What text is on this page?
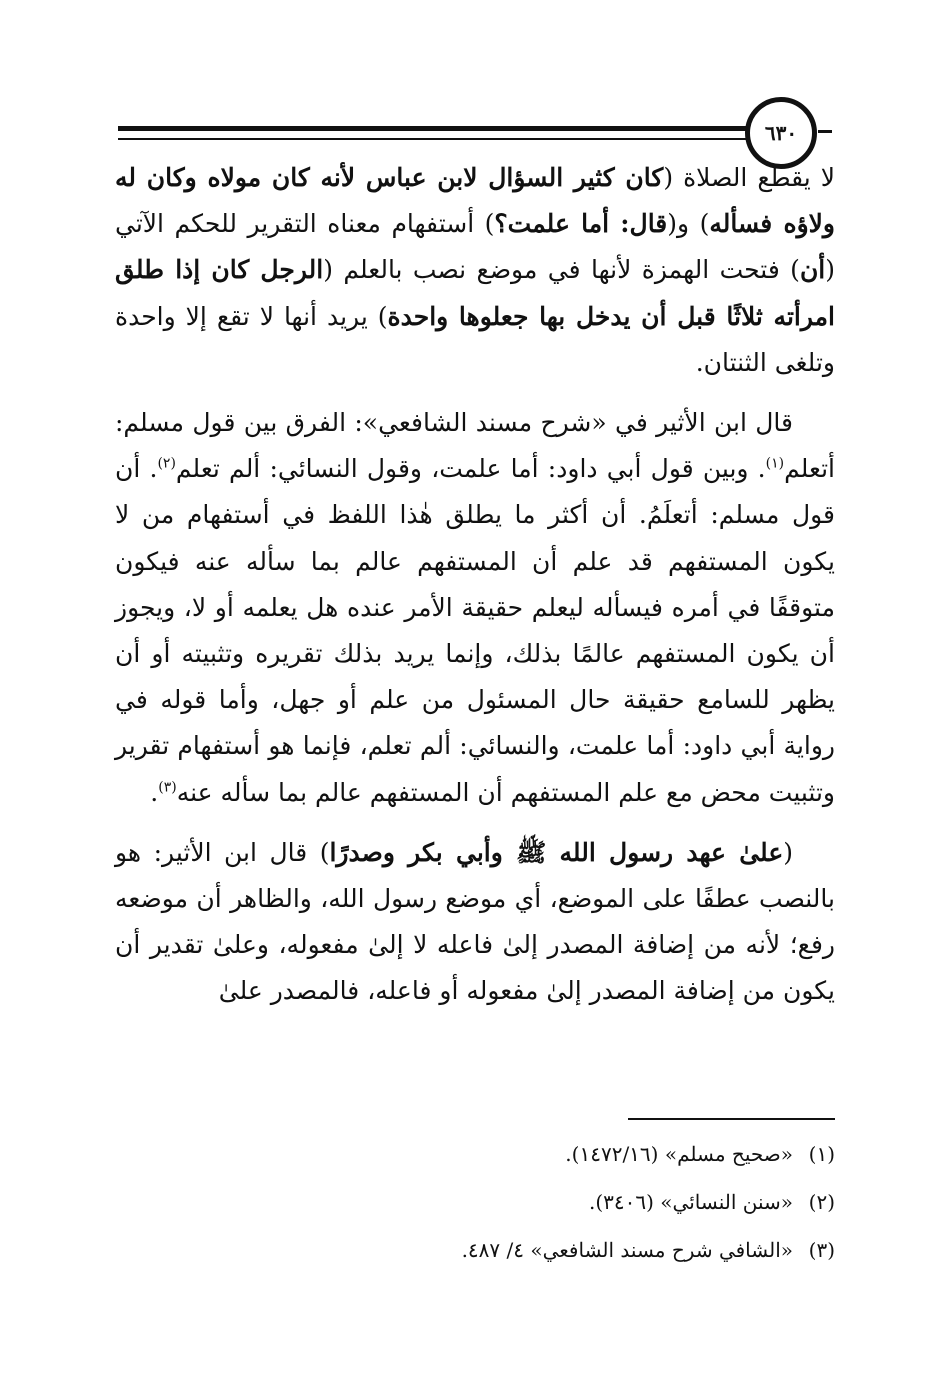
٦٣٠

لا يقطع الصلاة (كان كثير السؤال لابن عباس لأنه كان مولاه وكان له ولاؤه فسأله) و(قال: أما علمت؟) أستفهام معناه التقرير للحكم الآتي (أن) فتحت الهمزة لأنها في موضع نصب بالعلم (الرجل كان إذا طلق امرأته ثلاثًا قبل أن يدخل بها جعلوها واحدة) يريد أنها لا تقع إلا واحدة وتلغى الثنتان.

قال ابن الأثير في «شرح مسند الشافعي»: الفرق بين قول مسلم: أتعلم$^{(١)}$. وبين قول أبي داود: أما علمت، وقول النسائي: ألم تعلم$^{(٢)}$. أن قول مسلم: أتعلَمُ. أن أكثر ما يطلق هٰذا اللفظ في أستفهام من لا يكون المستفهم قد علم أن المستفهم عالم بما سأله عنه فيكون متوقفًا في أمره فيسأله ليعلم حقيقة الأمر عنده هل يعلمه أو لا، ويجوز أن يكون المستفهم عالمًا بذلك، وإنما يريد بذلك تقريره وتثبيته أو أن يظهر للسامع حقيقة حال المسئول من علم أو جهل، وأما قوله في رواية أبي داود: أما علمت، والنسائي: ألم تعلم، فإنما هو أستفهام تقرير وتثبيت محض مع علم المستفهم أن المستفهم عالم بما سأله عنه$^{(٣)}$.

(علىٰ عهد رسول الله ﷺ وأبي بكر وصدرًا) قال ابن الأثير: هو بالنصب عطفًا على الموضع، أي موضع رسول الله، والظاهر أن موضعه رفع؛ لأنه من إضافة المصدر إلىٰ فاعله لا إلىٰ مفعوله، وعلىٰ تقدير أن يكون من إضافة المصدر إلىٰ مفعوله أو فاعله، فالمصدر علىٰ

(١)«صحيح مسلم» (١٤٧٢/١٦).
(٢)«سنن النسائي» (٣٤٠٦).
(٣)«الشافي شرح مسند الشافعي» ٤/ ٤٨٧.
